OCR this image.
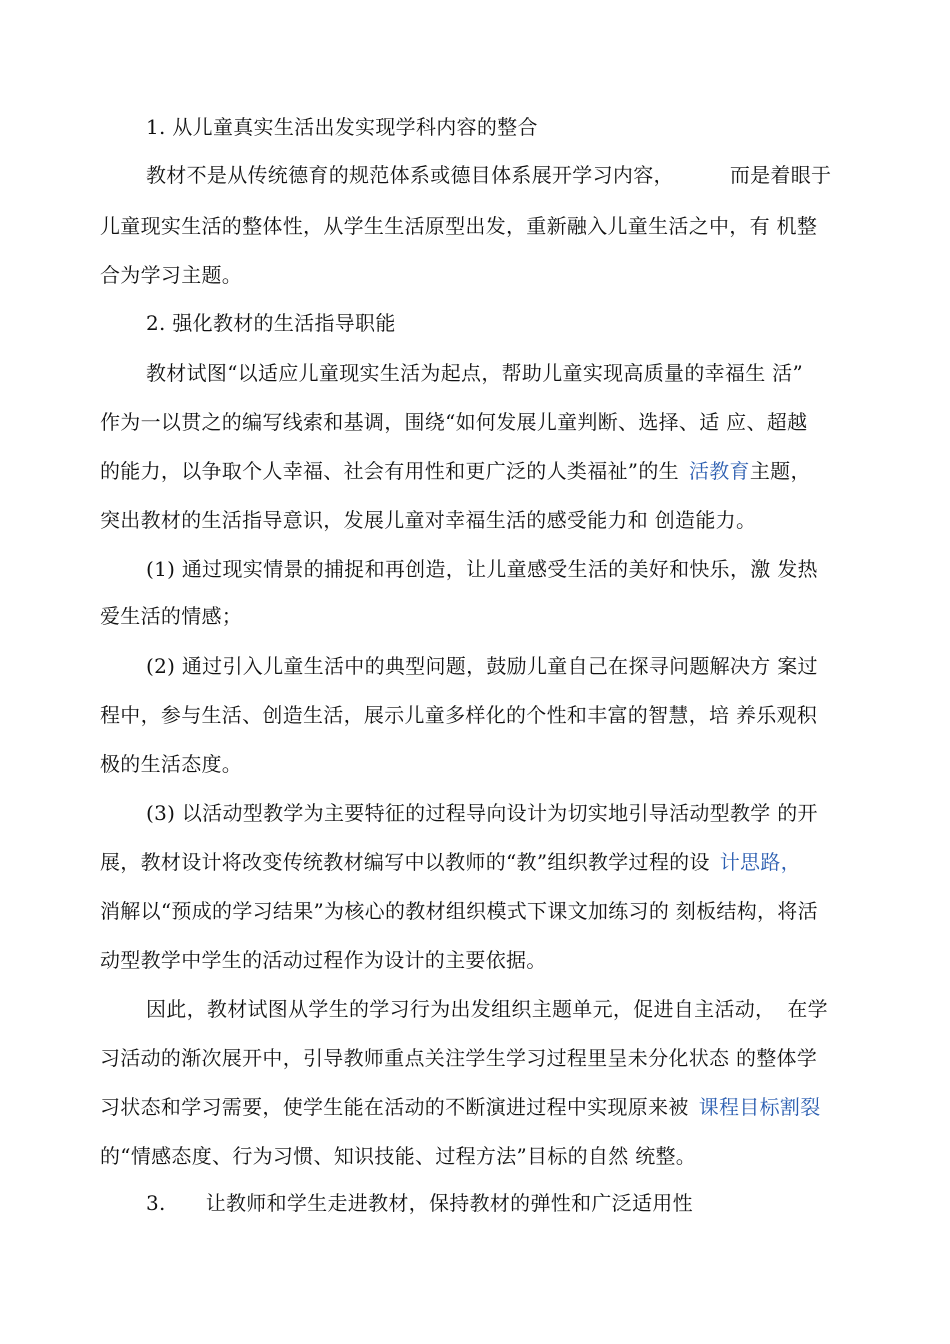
1. 从儿童真实生活出发实现学科内容的整合
教材不是从传统德育的规范体系或德目体系展开学习内容，	而是着眼于
儿童现实生活的整体性，从学生生活原型出发，重新融入儿童生活之中，有 机整
合为学习主题。
2. 强化教材的生活指导职能
教材试图“以适应儿童现实生活为起点，帮助儿童实现高质量的幸福生 活”
作为一以贯之的编写线索和基调，围绕“如何发展儿童判断、选择、适 应、超越
的能力，以争取个人幸福、社会有用性和更广泛的人类福祉”的生 活教育主题，
突出教材的生活指导意识，发展儿童对幸福生活的感受能力和 创造能力。
(1) 通过现实情景的捕捉和再创造，让儿童感受生活的美好和快乐，激 发热
爱生活的情感；
(2) 通过引入儿童生活中的典型问题，鼓励儿童自己在探寻问题解决方 案过
程中，参与生活、创造生活，展示儿童多样化的个性和丰富的智慧，培 养乐观积
极的生活态度。
(3) 以活动型教学为主要特征的过程导向设计为切实地引导活动型教学 的开
展，教材设计将改变传统教材编写中以教师的“教”组织教学过程的设 计思路，
消解以“预成的学习结果”为核心的教材组织模式下课文加练习的 刻板结构，将活
动型教学中学生的活动过程作为设计的主要依据。
因此，教材试图从学生的学习行为出发组织主题单元，促进自主活动， 在学
习活动的渐次展开中，引导教师重点关注学生学习过程里呈未分化状态 的整体学
习状态和学习需要，使学生能在活动的不断演进过程中实现原来被 课程目标割裂
的“情感态度、行为习惯、知识技能、过程方法”目标的自然 统整。
3. 让教师和学生走进教材，保持教材的弹性和广泛适用性
